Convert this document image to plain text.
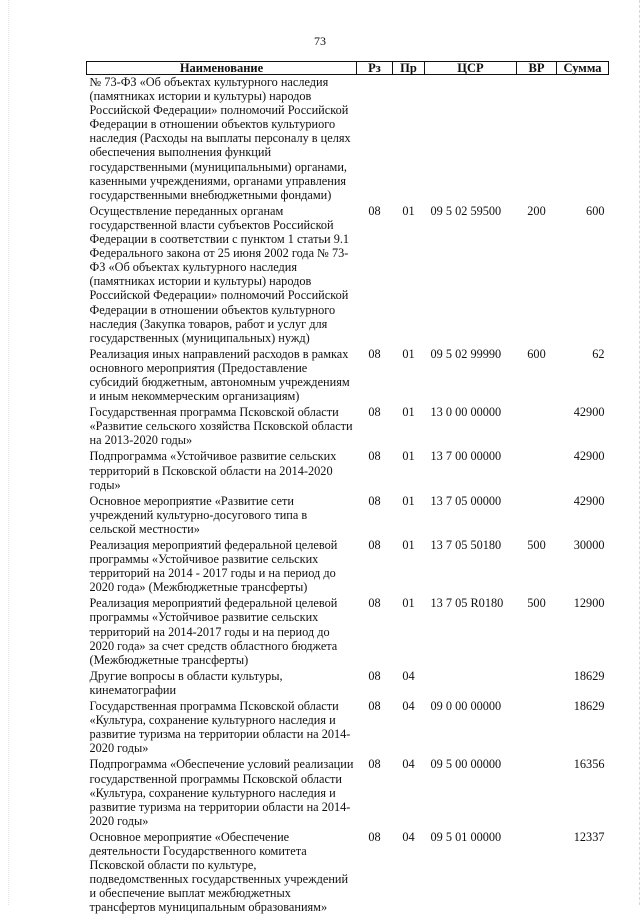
73
Наименование	Рз	Пр	ЦСР	ВР	Сумма
№ 73-ФЗ «Об объектах культурного наследия (памятниках истории и культуры) народов Российской Федерации» полномочий Российской Федерации в отношении объектов культуриого наследия (Расходы на выплаты персоналу в целях обеспечения выполнения функций государственными (муниципальными) органами, казенными учреждениями, органами управления государственными внебюджетными фондами)					
Осуществление переданных органам государственной власти субъектов Российской Федерации в соответствии с пунктом 1 статьи 9.1 Федерального закона от 25 июня 2002 года № 73-ФЗ «Об объектах культурного наследия (памятниках истории и культуры) народов Российской Федерации» полномочий Российской Федерации в отношении объектов культурного наследия (Закупка товаров, работ и услуг для государственных (муниципальных) нужд)	08	01	09 5 02 59500	200	600
Реализация иных направлений расходов в рамках основного мероприятия (Предоставление субсидий бюджетным, автономным учреждениям и иным некоммерческим организациям)	08	01	09 5 02 99990	600	62
Государственная программа Псковской области «Развитие сельского хозяйства Псковской области на 2013-2020 годы»	08	01	13 0 00 00000		42900
Подпрограмма «Устойчивое развитие сельских территорий в Псковской области на 2014-2020 годы»	08	01	13 7 00 00000		42900
Основное мероприятие «Развитие сети учреждений культурно-досугового типа в сельской местности»	08	01	13 7 05 00000		42900
Реализация мероприятий федеральной целевой программы «Устойчивое развитие сельских территорий на 2014 - 2017 годы и на период до 2020 года» (Межбюджетные трансферты)	08	01	13 7 05 50180	500	30000
Реализация мероприятий федеральной целевой программы «Устойчивое развитие сельских территорий на 2014-2017 годы и на период до 2020 года» за счет средств областного бюджета (Межбюджетные трансферты)	08	01	13 7 05 R0180	500	12900
Другие вопросы в области культуры, кинематографии	08	04			18629
Государственная программа Псковской области «Культура, сохранение культурного наследия и развитие туризма на территории области на 2014-2020 годы»	08	04	09 0 00 00000		18629
Подпрограмма «Обеспечение условий реализации государственной программы Псковской области «Культура, сохранение культурного наследия и развитие туризма на территории области на 2014-2020 годы»	08	04	09 5 00 00000		16356
Основное мероприятие «Обеспечение деятельности Государственного комитета Псковской области по культуре, подведомственных государственных учреждений и обеспечение выплат межбюджетных трансфертов муниципальным образованиям»	08	04	09 5 01 00000		12337
